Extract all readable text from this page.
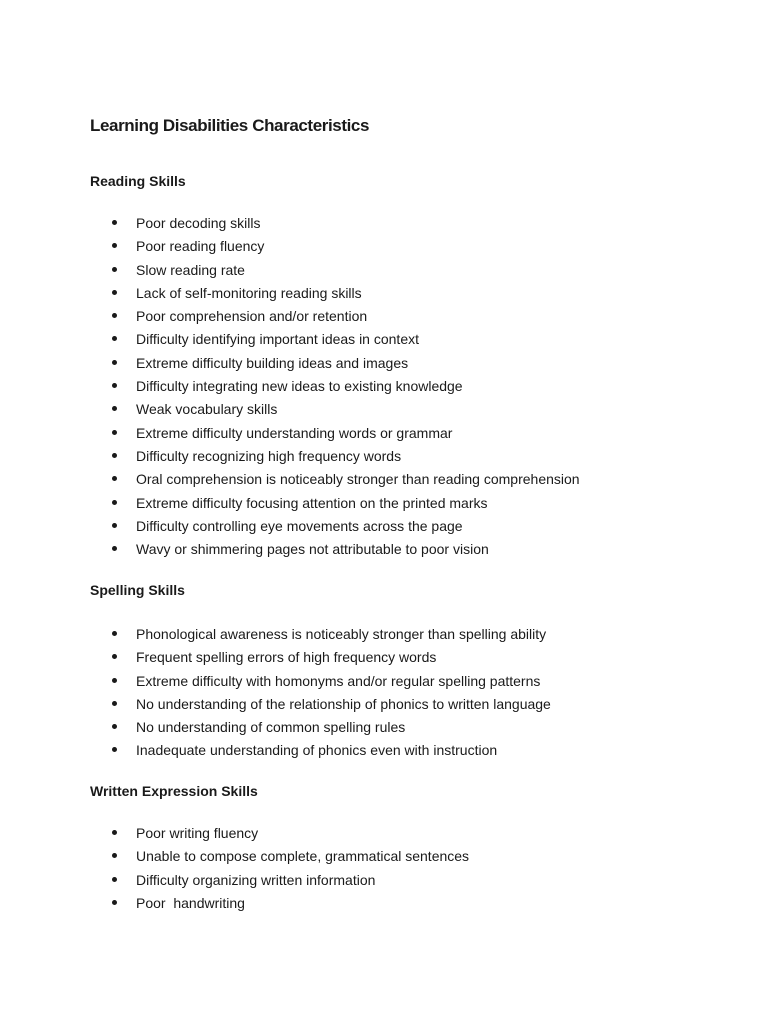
Learning Disabilities Characteristics
Reading Skills
Poor decoding skills
Poor reading fluency
Slow reading rate
Lack of self-monitoring reading skills
Poor comprehension and/or retention
Difficulty identifying important ideas in context
Extreme difficulty building ideas and images
Difficulty integrating new ideas to existing knowledge
Weak vocabulary skills
Extreme difficulty understanding words or grammar
Difficulty recognizing high frequency words
Oral comprehension is noticeably stronger than reading comprehension
Extreme difficulty focusing attention on the printed marks
Difficulty controlling eye movements across the page
Wavy or shimmering pages not attributable to poor vision
Spelling Skills
Phonological awareness is noticeably stronger than spelling ability
Frequent spelling errors of high frequency words
Extreme difficulty with homonyms and/or regular spelling patterns
No understanding of the relationship of phonics to written language
No understanding of common spelling rules
Inadequate understanding of phonics even with instruction
Written Expression Skills
Poor writing fluency
Unable to compose complete, grammatical sentences
Difficulty organizing written information
Poor  handwriting
